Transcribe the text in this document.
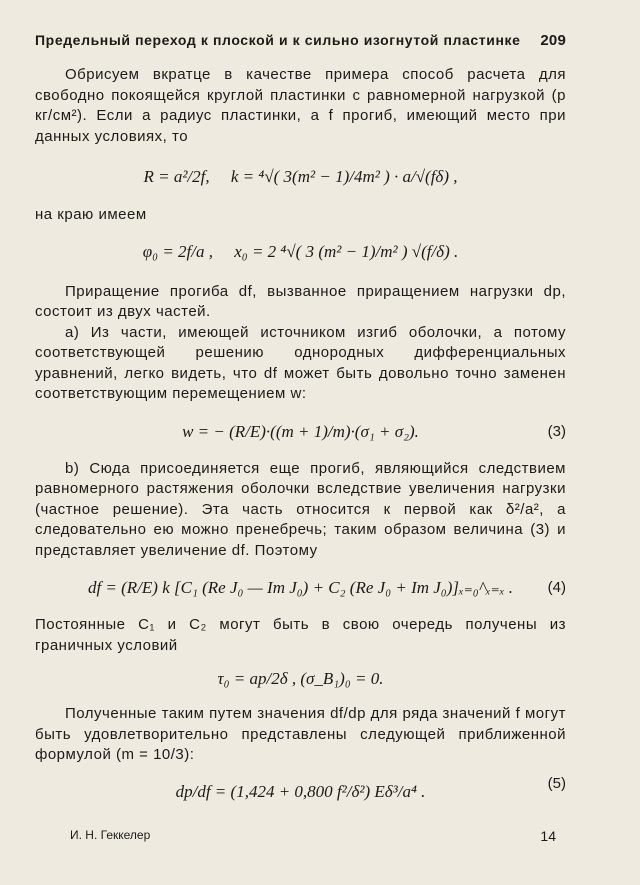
Предельный переход к плоской и к сильно изогнутой пластинке 209

Обрисуем вкратце в качестве примера способ расчета для свободно покоящейся круглой пластинки с равномерной нагрузкой (p кг/см²). Если a радиус пластинки, a f прогиб, имеющий место при данных условиях, то

R = a²/2f, k = ⁴√( 3(m² − 1)/4m² ) · a/√(fδ) ,

на краю имеем

φ₀ = 2f/a , x₀ = 2 ⁴√( 3 (m² − 1)/m² ) √(f/δ) .

Приращение прогиба df, вызванное приращением нагрузки dp, состоит из двух частей.

a) Из части, имеющей источником изгиб оболочки, а потому соответствующей решению однородных дифференциальных уравнений, легко видеть, что df может быть довольно точно заменен соответствующим перемещением w:

w = − (R/E)·((m + 1)/m)·(σ₁ + σ₂).	(3)

b) Сюда присоединяется еще прогиб, являющийся следствием равномерного растяжения оболочки вследствие увеличения нагрузки (частное решение). Эта часть относится к первой как δ²/a², а следовательно ею можно пренебречь; таким образом величина (3) и представляет увеличение df. Поэтому

df = (R/E) k [C₁ (Re J₀ — Im J₀) + C₂ (Re J₀ + Im J₀)]ₓ₌₀^ₓ₌ₓ . (4)

Постоянные C₁ и C₂ могут быть в свою очередь получены из граничных условий

τ₀ = ap/2δ , (σ_B₁)₀ = 0.

Полученные таким путем значения df/dp для ряда значений f могут быть удовлетворительно представлены следующей приближенной формулой (m = 10/3):

dp/df = (1,424 + 0,800 f²/δ²) Eδ³/a⁴ .	(5)
И. Н. Геккелер	14
